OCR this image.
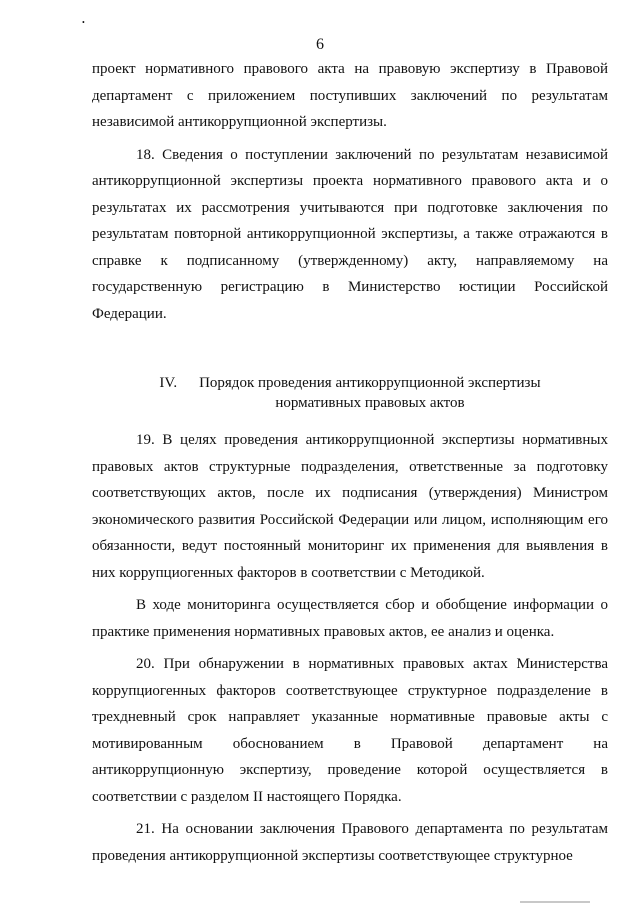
•
6

проект нормативного правового акта на правовую экспертизу в Правовой департамент с приложением поступивших заключений по результатам независимой антикоррупционной экспертизы.

18. Сведения о поступлении заключений по результатам независимой антикоррупционной экспертизы проекта нормативного правового акта и о результатах их рассмотрения учитываются при подготовке заключения по результатам повторной антикоррупционной экспертизы, а также отражаются в справке к подписанному (утвержденному) акту, направляемому на государственную регистрацию в Министерство юстиции Российской Федерации.

IV. Порядок проведения антикоррупционной экспертизы
нормативных правовых актов

19. В целях проведения антикоррупционной экспертизы нормативных правовых актов структурные подразделения, ответственные за подготовку соответствующих актов, после их подписания (утверждения) Министром экономического развития Российской Федерации или лицом, исполняющим его обязанности, ведут постоянный мониторинг их применения для выявления в них коррупциогенных факторов в соответствии с Методикой.

В ходе мониторинга осуществляется сбор и обобщение информации о практике применения нормативных правовых актов, ее анализ и оценка.

20. При обнаружении в нормативных правовых актах Министерства коррупциогенных факторов соответствующее структурное подразделение в трехдневный срок направляет указанные нормативные правовые акты с мотивированным обоснованием в Правовой департамент на антикоррупционную экспертизу, проведение которой осуществляется в соответствии с разделом II настоящего Порядка.

21. На основании заключения Правового департамента по результатам проведения антикоррупционной экспертизы соответствующее структурное
